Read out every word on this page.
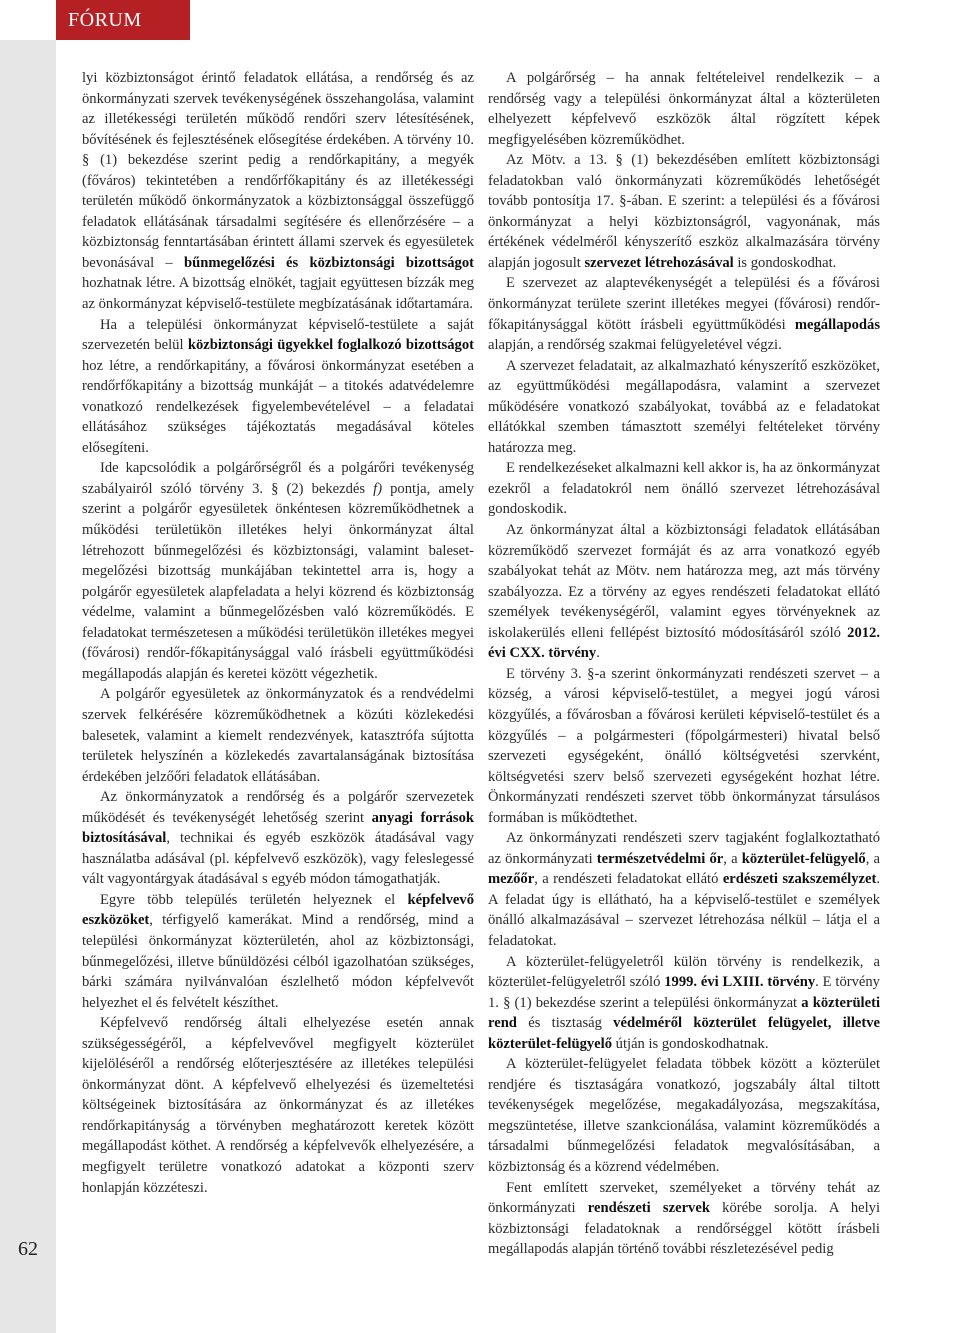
FÓRUM
62

lyi közbiztonságot érintő feladatok ellátása, a rendőrség és az önkormányzati szervek tevékenységének összehangolása, valamint az illetékességi területén működő rendőri szerv létesítésének, bővítésének és fejlesztésének elősegítése érdekében. A törvény 10. § (1) bekezdése szerint pedig a rendőrkapitány, a megyék (főváros) tekintetében a rendőrfőkapitány és az illetékességi területén működő önkormányzatok a közbiztonsággal összefüggő feladatok ellátásának társadalmi segítésére és ellenőrzésére – a közbiztonság fenntartásában érintett állami szervek és egyesületek bevonásával – bűnmegelőzési és közbiztonsági bizottságot hozhatnak létre. A bizottság elnökét, tagjait együttesen bízzák meg az önkormányzat képviselő-testülete megbízatásának időtartamára.

Ha a települési önkormányzat képviselő-testülete a saját szervezetén belül közbiztonsági ügyekkel foglalkozó bizottságot hoz létre, a rendőrkapitány, a fővárosi önkormányzat esetében a rendőrfőkapitány a bizottság munkáját – a titokés adatvédelemre vonatkozó rendelkezések figyelembevételével – a feladatai ellátásához szükséges tájékoztatás megadásával köteles elősegíteni.

Ide kapcsolódik a polgárőrségről és a polgárőri tevékenység szabályairól szóló törvény 3. § (2) bekezdés f) pontja, amely szerint a polgárőr egyesületek önkéntesen közreműködhetnek a működési területükön illetékes helyi önkormányzat által létrehozott bűnmegelőzési és közbiztonsági, valamint baleset-megelőzési bizottság munkájában tekintettel arra is, hogy a polgárőr egyesületek alapfeladata a helyi közrend és közbiztonság védelme, valamint a bűnmegelőzésben való közreműködés. E feladatokat természetesen a működési területükön illetékes megyei (fővárosi) rendőr-főkapitánysággal való írásbeli együttműködési megállapodás alapján és keretei között végezhetik.

A polgárőr egyesületek az önkormányzatok és a rendvédelmi szervek felkérésére közreműködhetnek a közúti közlekedési balesetek, valamint a kiemelt rendezvények, katasztrófa sújtotta területek helyszínén a közlekedés zavartalanságának biztosítása érdekében jelzőőri feladatok ellátásában.

Az önkormányzatok a rendőrség és a polgárőr szervezetek működését és tevékenységét lehetőség szerint anyagi források biztosításával, technikai és egyéb eszközök átadásával vagy használatba adásával (pl. képfelvevő eszközök), vagy feleslegessé vált vagyontárgyak átadásával s egyéb módon támogathatják.

Egyre több település területén helyeznek el képfelvevő eszközöket, térfigyelő kamerákat. Mind a rendőrség, mind a települési önkormányzat közterületén, ahol az közbiztonsági, bűnmegelőzési, illetve bűnüldözési célból igazolhatóan szükséges, bárki számára nyilvánvalóan észlelhető módon képfelvevőt helyezhet el és felvételt készíthet.

Képfelvevő rendőrség általi elhelyezése esetén annak szükségességéről, a képfelvevővel megfigyelt közterület kijelöléséről a rendőrség előterjesztésére az illetékes települési önkormányzat dönt. A képfelvevő elhelyezési és üzemeltetési költségeinek biztosítására az önkormányzat és az illetékes rendőrkapitányság a törvényben meghatározott keretek között megállapodást köthet. A rendőrség a képfelvevők elhelyezésére, a megfigyelt területre vonatkozó adatokat a központi szerv honlapján közzéteszi.

A polgárőrség – ha annak feltételeivel rendelkezik – a rendőrség vagy a települési önkormányzat által a közterületen elhelyezett képfelvevő eszközök által rögzített képek megfigyelésében közreműködhet.

Az Mötv. a 13. § (1) bekezdésében említett közbiztonsági feladatokban való önkormányzati közreműködés lehetőségét tovább pontosítja 17. §-ában. E szerint: a települési és a fővárosi önkormányzat a helyi közbiztonságról, vagyonának, más értékének védelméről kényszerítő eszköz alkalmazására törvény alapján jogosult szervezet létrehozásával is gondoskodhat.

E szervezet az alaptevékenységét a települési és a fővárosi önkormányzat területe szerint illetékes megyei (fővárosi) rendőr-főkapitánysággal kötött írásbeli együttműködési megállapodás alapján, a rendőrség szakmai felügyeletével végzi.

A szervezet feladatait, az alkalmazható kényszerítő eszközöket, az együttműködési megállapodásra, valamint a szervezet működésére vonatkozó szabályokat, továbbá az e feladatokat ellátókkal szemben támasztott személyi feltételeket törvény határozza meg.

E rendelkezéseket alkalmazni kell akkor is, ha az önkormányzat ezekről a feladatokról nem önálló szervezet létrehozásával gondoskodik.

Az önkormányzat által a közbiztonsági feladatok ellátásában közreműködő szervezet formáját és az arra vonatkozó egyéb szabályokat tehát az Mötv. nem határozza meg, azt más törvény szabályozza. Ez a törvény az egyes rendészeti feladatokat ellátó személyek tevékenységéről, valamint egyes törvényeknek az iskolakerülés elleni fellépést biztosító módosításáról szóló 2012. évi CXX. törvény.

E törvény 3. §-a szerint önkormányzati rendészeti szervet – a község, a városi képviselő-testület, a megyei jogú városi közgyűlés, a fővárosban a fővárosi kerületi képviselő-testület és a közgyűlés – a polgármesteri (főpolgármesteri) hivatal belső szervezeti egységeként, önálló költségvetési szervként, költségvetési szerv belső szervezeti egységeként hozhat létre. Önkormányzati rendészeti szervet több önkormányzat társulásos formában is működtethet.

Az önkormányzati rendészeti szerv tagjaként foglalkoztatható az önkormányzati természetvédelmi őr, a közterület-felügyelő, a mezőőr, a rendészeti feladatokat ellátó erdészeti szakszemélyzet. A feladat úgy is ellátható, ha a képviselő-testület e személyek önálló alkalmazásával – szervezet létrehozása nélkül – látja el a feladatokat.

A közterület-felügyeletről külön törvény is rendelkezik, a közterület-felügyeletről szóló 1999. évi LXIII. törvény. E törvény 1. § (1) bekezdése szerint a települési önkormányzat a közterületi rend és tisztaság védelméről közterület felügyelet, illetve közterület-felügyelő útján is gondoskodhatnak.

A közterület-felügyelet feladata többek között a közterület rendjére és tisztaságára vonatkozó, jogszabály által tiltott tevékenységek megelőzése, megakadályozása, megszakítása, megszüntetése, illetve szankcionálása, valamint közreműködés a társadalmi bűnmegelőzési feladatok megvalósításában, a közbiztonság és a közrend védelmében.

Fent említett szerveket, személyeket a törvény tehát az önkormányzati rendészeti szervek körébe sorolja. A helyi közbiztonsági feladatoknak a rendőrséggel kötött írásbeli megállapodás alapján történő további részletezésével pedig
